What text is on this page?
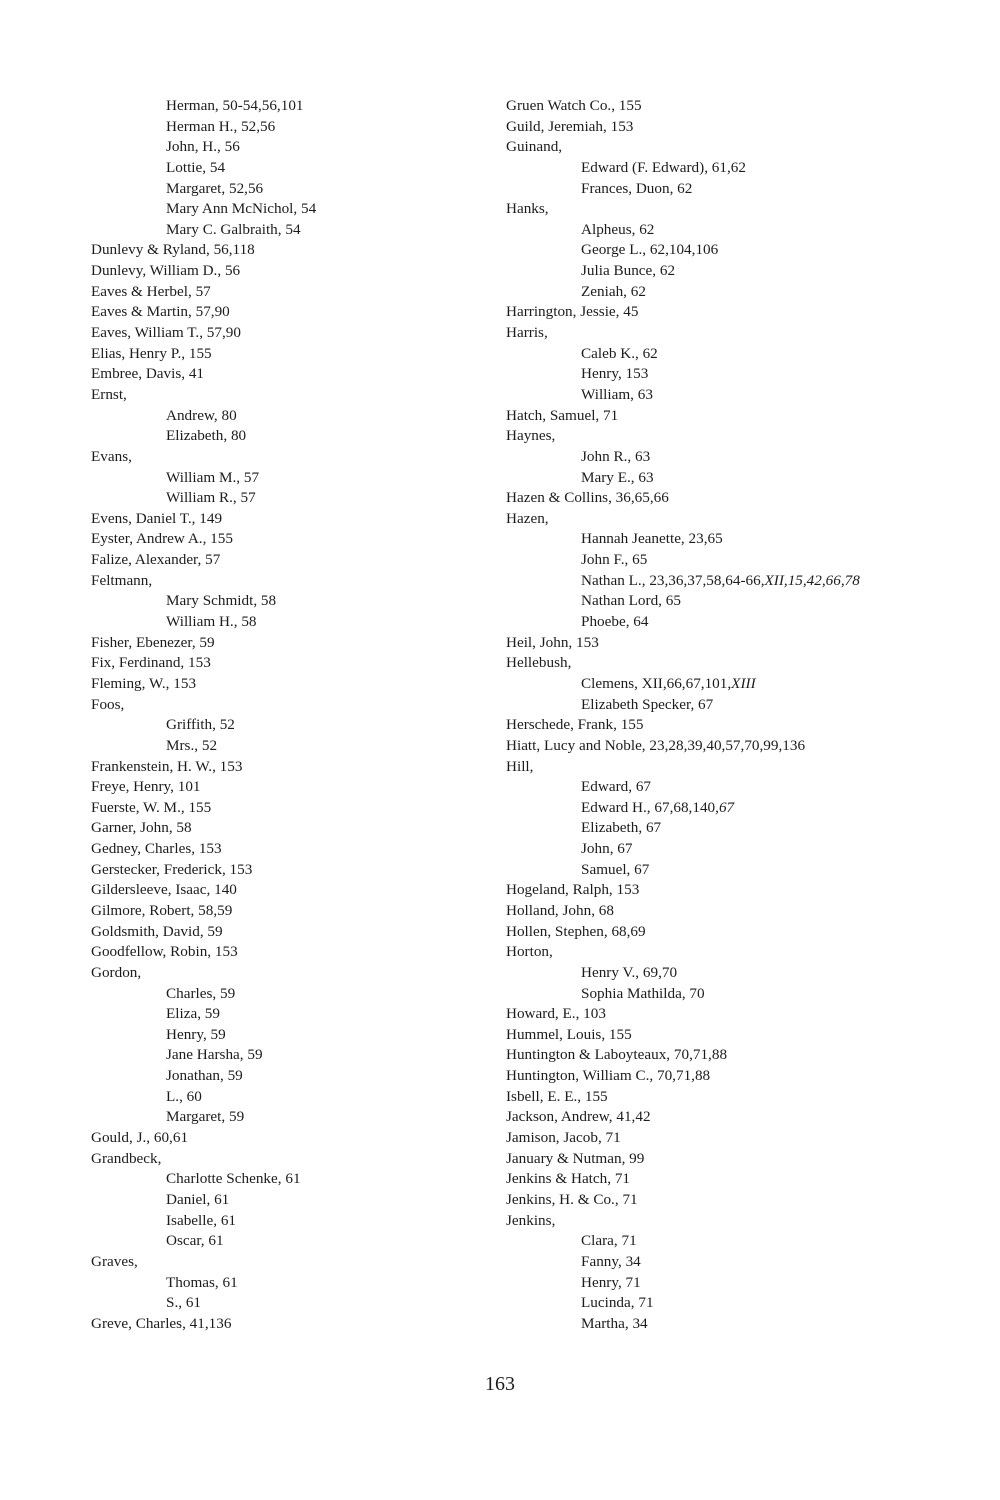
Herman, 50-54,56,101
Herman H., 52,56
John, H., 56
Lottie, 54
Margaret, 52,56
Mary Ann McNichol, 54
Mary C. Galbraith, 54
Dunlevy & Ryland, 56,118
Dunlevy, William D., 56
Eaves & Herbel, 57
Eaves & Martin, 57,90
Eaves, William T., 57,90
Elias, Henry P., 155
Embree, Davis, 41
Ernst,
Andrew, 80
Elizabeth, 80
Evans,
William M., 57
William R., 57
Evens, Daniel T., 149
Eyster, Andrew A., 155
Falize, Alexander, 57
Feltmann,
Mary Schmidt, 58
William H., 58
Fisher, Ebenezer, 59
Fix, Ferdinand, 153
Fleming, W., 153
Foos,
Griffith, 52
Mrs., 52
Frankenstein, H. W., 153
Freye, Henry, 101
Fuerste, W. M., 155
Garner, John, 58
Gedney, Charles, 153
Gerstecker, Frederick, 153
Gildersleeve, Isaac, 140
Gilmore, Robert, 58,59
Goldsmith, David, 59
Goodfellow, Robin, 153
Gordon,
Charles, 59
Eliza, 59
Henry, 59
Jane Harsha, 59
Jonathan, 59
L., 60
Margaret, 59
Gould, J., 60,61
Grandbeck,
Charlotte Schenke, 61
Daniel, 61
Isabelle, 61
Oscar, 61
Graves,
Thomas, 61
S., 61
Greve, Charles, 41,136
Gruen Watch Co., 155
Guild, Jeremiah, 153
Guinand,
Edward (F. Edward), 61,62
Frances, Duon, 62
Hanks,
Alpheus, 62
George L., 62,104,106
Julia Bunce, 62
Zeniah, 62
Harrington, Jessie, 45
Harris,
Caleb K., 62
Henry, 153
William, 63
Hatch, Samuel, 71
Haynes,
John R., 63
Mary E., 63
Hazen & Collins, 36,65,66
Hazen,
Hannah Jeanette, 23,65
John F., 65
Nathan L., 23,36,37,58,64-66,XII,15,42,66,78
Nathan Lord, 65
Phoebe, 64
Heil, John, 153
Hellebush,
Clemens, XII,66,67,101,XIII
Elizabeth Specker, 67
Herschede, Frank, 155
Hiatt, Lucy and Noble, 23,28,39,40,57,70,99,136
Hill,
Edward, 67
Edward H., 67,68,140,67
Elizabeth, 67
John, 67
Samuel, 67
Hogeland, Ralph, 153
Holland, John, 68
Hollen, Stephen, 68,69
Horton,
Henry V., 69,70
Sophia Mathilda, 70
Howard, E., 103
Hummel, Louis, 155
Huntington & Laboyteaux, 70,71,88
Huntington, William C., 70,71,88
Isbell, E. E., 155
Jackson, Andrew, 41,42
Jamison, Jacob, 71
January & Nutman, 99
Jenkins & Hatch, 71
Jenkins, H. & Co., 71
Jenkins,
Clara, 71
Fanny, 34
Henry, 71
Lucinda, 71
Martha, 34
163
